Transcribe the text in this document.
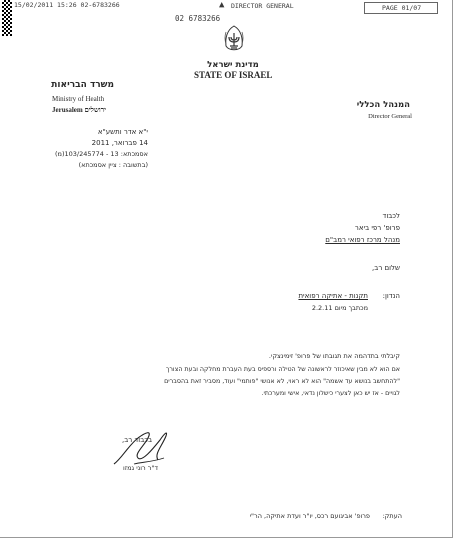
15/02/2011 15:26 02-6783266	▲ DIRECTOR GENERAL	PAGE 01/07
02 6783266
מדינת ישראל
STATE OF ISRAEL
משרד הבריאות
Ministry of Health
Jerusalem ירושלים	המנהל הכללי
Director General
י"א אדר ותשע"א
14 פברואר, 2011
אסמכתא: 13 - 103/245774(מ)
(בתשובה : ציין אסמכתא)
לכבוד
פרופ' רפי ביאר
מנהל מרכז רפואי רמב"ם
שלום רב,
הנדון:
תקנות - אתיקה רפואית
מכתבך מיום 2.2.11
קיבלתי בתדהמה את תגובתו של פרופ' זימינצקי.
אם הוא לא מבין שאיכוזר לראשונה של הטילה ורספיס בעת העברת מחלקה ובעת הצורך
"להתחשב בנושא עד אשמה" הוא לא ראוי, לא אנושי "פותמי" ועוד, מסביר זאת בהסברים
לגויים - אז יש כאן לצערי כישלון נדאי, אישי ומערכתי.
בכבוד רב,
ד"ר רוני גמזו
העתק:
פרופ' אביגועם רכס, יו"ר ועדת אתיקה, הר"י
